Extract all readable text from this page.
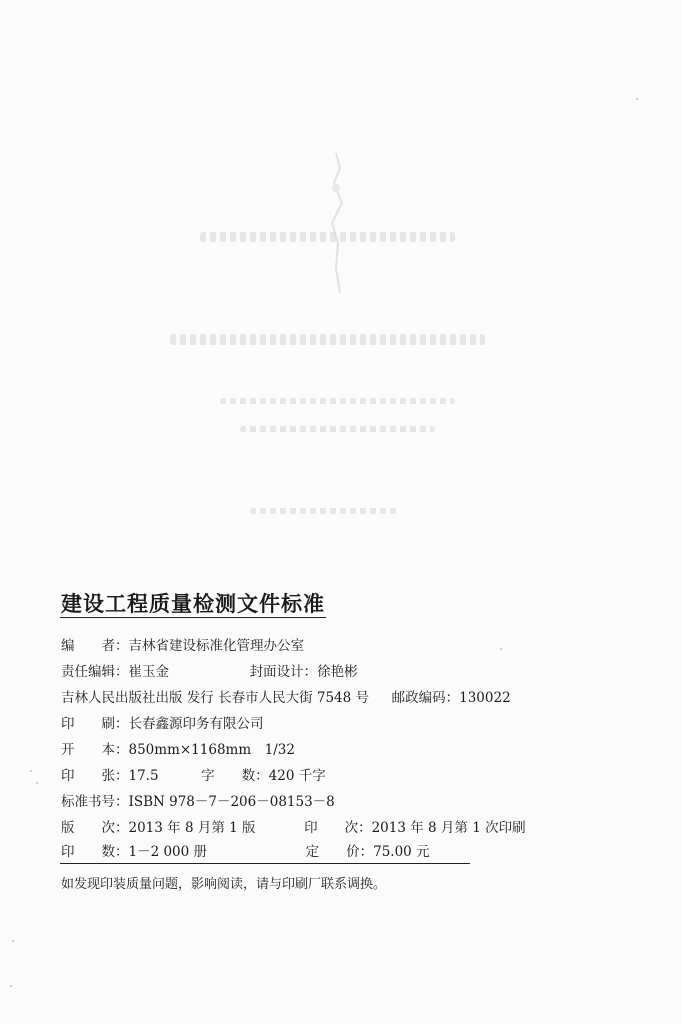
建设工程质量检测文件标准
编　　者：吉林省建设标准化管理办公室
责任编辑：崔玉金	封面设计：徐艳彬
吉林人民出版社出版 发行 长春市人民大街 7548 号 邮政编码：130022
印　　刷：长春鑫源印务有限公司
开　　本：850mm×1168mm　1/32
印　　张：17.5	字　　数：420 千字
标准书号：ISBN 978－7－206－08153－8
版　　次：2013 年 8 月第 1 版	印　　次：2013 年 8 月第 1 次印刷
印　　数：1－2 000 册	定　　价：75.00 元
如发现印装质量问题，影响阅读，请与印刷厂联系调换。
